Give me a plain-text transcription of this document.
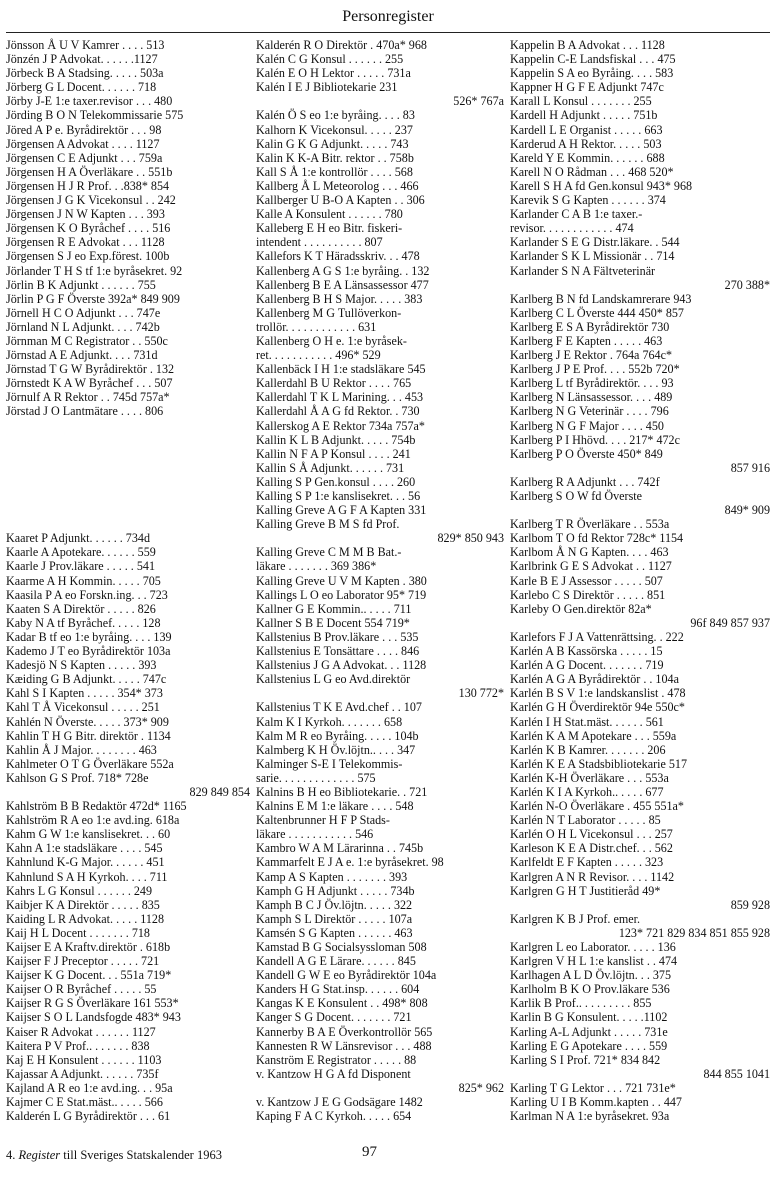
Personregister
Jönsson Å U V Kamrer . . . . 513
Jönzén J P Advokat. . . . . .1127
Jörbeck B A Stadsing. . . . . 503a
Jörberg G L Docent. . . . . . 718
Jörby J-E 1:e taxer.revisor . . . 480
Jörding B O N Telekommissarie 575
Jöred A P e. Byrådirektör . . . 98
Jörgensen A Advokat . . . . 1127
Jörgensen C E Adjunkt . . . 759a
Jörgensen H A Överläkare . . 551b
Jörgensen H J R Prof. . .838* 854
Jörgensen J G K Vicekonsul . . 242
Jörgensen J N W Kapten . . . 393
Jörgensen K O Byråchef . . . . 516
Jörgensen R E Advokat . . . 1128
Jörgensen S J eo Exp.förest. 100b
Jörlander T H S tf 1:e byråsekret. 92
Jörlin B K Adjunkt . . . . . . 755
Jörlin P G F Överste 392a* 849 909
Jörnell H C O Adjunkt . . . 747e
Jörnland N L Adjunkt. . . . 742b
Jörnman M C Registrator . . 550c
Jörnstad A E Adjunkt. . . . 731d
Jörnstad T G W Byrådirektör . 132
Jörnstedt K A W Byråchef . . . 507
Jörnulf A R Rektor . . 745d 757a*
Jörstad J O Lantmätare . . . . 806
Kaaret P Adjunkt. . . . . . 734d
Kaarle A Apotekare. . . . . . 559
Kaarle J Prov.läkare . . . . . 541
Kaarme A H Kommin. . . . . 705
Kaasila P A eo Forskn.ing. . . 723
Kaaten S A Direktör . . . . . 826
Kaby N A tf Byråchef. . . . . 128
Kadar B tf eo 1:e byråing. . . . 139
Kademo J T eo Byrådirektör 103a
Kadesjö N S Kapten . . . . . 393
Kæiding G B Adjunkt. . . . . 747c
Kahl S I Kapten . . . . . 354* 373
Kahl T Å Vicekonsul . . . . . 251
Kahlén N Överste. . . . . 373* 909
Kahlin T H G Bitr. direktör . 1134
Kahlin Å J Major. . . . . . . . 463
Kahlmeter O T G Överläkare 552a
Kahlson G S Prof. 718* 728e
829 849 854
Kahlström B B Redaktör 472d* 1165
Kahlström R A eo 1:e avd.ing. 618a
Kahm G W 1:e kanslisekret. . . 60
Kahn A 1:e stadsläkare . . . . 545
Kahnlund K-G Major. . . . . . 451
Kahnlund S A H Kyrkoh. . . . 711
Kahrs L G Konsul . . . . . . 249
Kaibjer K A Direktör . . . . . 835
Kaiding L R Advokat. . . . . 1128
Kaij H L Docent . . . . . . . 718
Kaijser E A Kraftv.direktör . 618b
Kaijser F J Preceptor . . . . . 721
Kaijser K G Docent. . . 551a 719*
Kaijser O R Byråchef . . . . . 55
Kaijser R G S Överläkare 161 553*
Kaijser S O L Landsfogde 483* 943
Kaiser R Advokat . . . . . . 1127
Kaitera P V Prof.. . . . . . . 838
Kaj E H Konsulent . . . . . . 1103
Kajassar A Adjunkt. . . . . . 735f
Kajland A R eo 1:e avd.ing. . . 95a
Kajmer C E Stat.mäst.. . . . . 566
Kalderén L G Byrådirektör . . . 61
Kalderén R O Direktör . 470a* 968
Kalén C G Konsul . . . . . . 255
Kalén E O H Lektor . . . . . 731a
Kalén I E J Bibliotekarie 231
526* 767a
Kalén Ö S eo 1:e byråing. . . . 83
Kalhorn K Vicekonsul. . . . . 237
Kalin G K G Adjunkt. . . . . 743
Kalin K K-A Bitr. rektor . . 758b
Kall S Å 1:e kontrollör . . . . 568
Kallberg Å L Meteorolog . . . 466
Kallberger U B-O A Kapten . . 306
Kalle A Konsulent . . . . . . 780
Kalleberg E H eo Bitr. fiskeri-
intendent . . . . . . . . . . 807
Kallefors K T Häradsskriv. . . 478
Kallenberg A G S 1:e byråing. . 132
Kallenberg B E A Länsassessor 477
Kallenberg B H S Major. . . . . 383
Kallenberg M G Tullöverkon-
trollör. . . . . . . . . . . . 631
Kallenberg O H e. 1:e byråsek-
ret. . . . . . . . . . . 496* 529
Kallenbäck I H 1:e stadsläkare 545
Kallerdahl B U Rektor . . . . 765
Kallerdahl T K L Marining. . . 453
Kallerdahl Å A G fd Rektor. . 730
Kallerskog A E Rektor 734a 757a*
Kallin K L B Adjunkt. . . . . 754b
Kallin N F A P Konsul . . . . 241
Kallin S Å Adjunkt. . . . . . 731
Kalling S P Gen.konsul . . . . 260
Kalling S P 1:e kanslisekret. . . 56
Kalling Greve A G F A Kapten 331
Kalling Greve B M S fd Prof.
829* 850 943
Kalling Greve C M M B Bat.-
läkare . . . . . . . 369 386*
Kalling Greve U V M Kapten . 380
Kallings L O eo Laborator 95* 719
Kallner G E Kommin.. . . . . 711
Kallner S B E Docent 554 719*
Kallstenius B Prov.läkare . . . 535
Kallstenius E Tonsättare . . . . 846
Kallstenius J G A Advokat. . . 1128
Kallstenius L G eo Avd.direktör
130 772*
Kallstenius T K E Avd.chef . . 107
Kalm K I Kyrkoh. . . . . . . 658
Kalm M R eo Byråing. . . . . 104b
Kalmberg K H Öv.löjtn.. . . . 347
Kalminger S-E I Telekommis-
sarie. . . . . . . . . . . . . 575
Kalnins B H eo Bibliotekarie. . 721
Kalnins E M 1:e läkare . . . . 548
Kaltenbrunner H F P Stads-
läkare . . . . . . . . . . . 546
Kambro W A M Lärarinna . . 745b
Kammarfelt E J A e. 1:e byråsekret. 98
Kamp A S Kapten . . . . . . . 393
Kamph G H Adjunkt . . . . . 734b
Kamph B C J Öv.löjtn. . . . . 322
Kamph S L Direktör . . . . . 107a
Kamsén S G Kapten . . . . . . 463
Kamstad B G Socialsyssloman 508
Kandell A G E Lärare. . . . . . 845
Kandell G W E eo Byrådirektör 104a
Kanders H G Stat.insp. . . . . . 604
Kangas K E Konsulent . . 498* 808
Kanger S G Docent. . . . . . . 721
Kannerby B A E Överkontrollör 565
Kannesten R W Länsrevisor . . . 488
Kanström E Registrator . . . . . 88
v. Kantzow H G A fd Disponent
825* 962
v. Kantzow J E G Godsägare 1482
Kaping F A C Kyrkoh. . . . . 654
Kappelin B A Advokat . . . 1128
Kappelin C-E Landsfiskal . . . 475
Kappelin S A eo Byråing. . . . 583
Kappner H G F E Adjunkt 747c
Karall L Konsul . . . . . . . 255
Kardell H Adjunkt . . . . . 751b
Kardell L E Organist . . . . . 663
Karderud A H Rektor. . . . . 503
Kareld Y E Kommin. . . . . . 688
Karell N O Rådman . . . 468 520*
Karell S H A fd Gen.konsul 943* 968
Karevik S G Kapten . . . . . . 374
Karlander C A B 1:e taxer.-
revisor. . . . . . . . . . . . 474
Karlander S E G Distr.läkare. . 544
Karlander S K L Missionär . . 714
Karlander S N A Fältveterinär
270 388*
Karlberg B N fd Landskamrerare 943
Karlberg C L Överste 444 450* 857
Karlberg E S A Byrådirektör 730
Karlberg F E Kapten . . . . . 463
Karlberg J E Rektor . 764a 764c*
Karlberg J P E Prof. . . . 552b 720*
Karlberg L tf Byrådirektör. . . . 93
Karlberg N Länsassessor. . . . 489
Karlberg N G Veterinär . . . . 796
Karlberg N G F Major . . . . 450
Karlberg P I Hhövd. . . . 217* 472c
Karlberg P O Överste 450* 849
857 916
Karlberg R A Adjunkt . . . 742f
Karlberg S O W fd Överste
849* 909
Karlberg T R Överläkare . . 553a
Karlbom T O fd Rektor 728c* 1154
Karlbom Å N G Kapten. . . . 463
Karlbrink G E S Advokat . . 1127
Karle B E J Assessor . . . . . 507
Karlebo C S Direktör . . . . . 851
Karleby O Gen.direktör 82a*
96f 849 857 937
Karlefors F J A Vattenrättsing. . 222
Karlén A B Kassörska . . . . . 15
Karlén A G Docent. . . . . . . 719
Karlén A G A Byrådirektör . . 104a
Karlén B S V 1:e landskanslist . 478
Karlén G H Överdirektör 94e 550c*
Karlén I H Stat.mäst. . . . . . 561
Karlén K A M Apotekare . . . 559a
Karlén K B Kamrer. . . . . . . 206
Karlén K E A Stadsbibliotekarie 517
Karlén K-H Överläkare . . . 553a
Karlén K I A Kyrkoh.. . . . . 677
Karlén N-O Överläkare . 455 551a*
Karlén N T Laborator . . . . . 85
Karlén O H L Vicekonsul . . . 257
Karleson K E A Distr.chef. . . 562
Karlfeldt E F Kapten . . . . . 323
Karlgren A N R Revisor. . . . 1142
Karlgren G H T Justitieråd 49*
859 928
Karlgren K B J Prof. emer.
123* 721 829 834 851 855 928
Karlgren L eo Laborator. . . . . 136
Karlgren V H L 1:e kanslist . . 474
Karlhagen A L D Öv.löjtn. . . 375
Karlholm B K O Prov.läkare 536
Karlik B Prof.. . . . . . . . . 855
Karlin B G Konsulent. . . . .1102
Karling A-L Adjunkt . . . . . 731e
Karling E G Apotekare . . . . 559
Karling S I Prof. 721* 834 842
844 855 1041
Karling T G Lektor . . . 721 731e*
Karling U I B Komm.kapten . . 447
Karlman N A 1:e byråsekret. 93a
4. Register till Sveriges Statskalender 1963	97
